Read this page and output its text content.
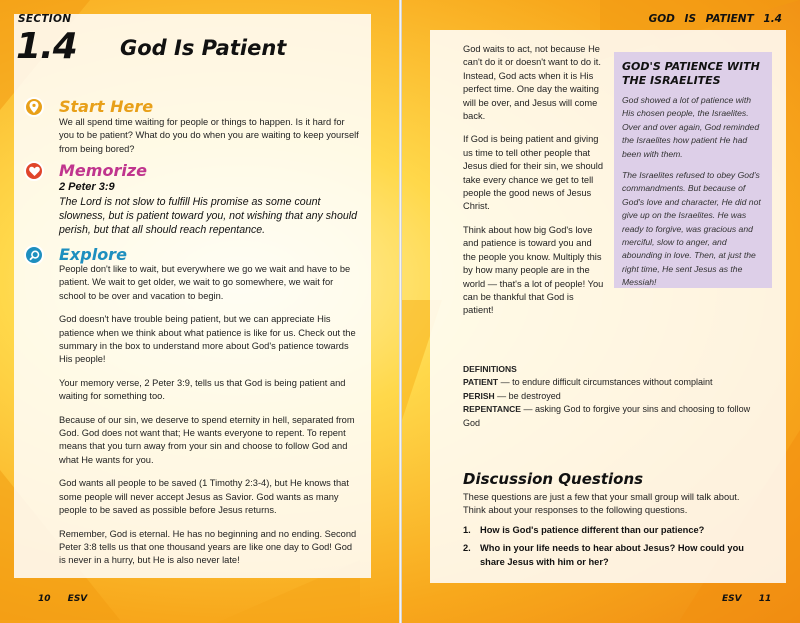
SECTION
1.4 God Is Patient
Start Here
We all spend time waiting for people or things to happen. Is it hard for you to be patient? What do you do when you are waiting to keep yourself from being bored?
Memorize
2 Peter 3:9
The Lord is not slow to fulfill His promise as some count slowness, but is patient toward you, not wishing that any should perish, but that all should reach repentance.
Explore

People don't like to wait, but everywhere we go we wait and have to be patient. We wait to get older, we wait to go somewhere, we wait for school to be over and vacation to begin.

God doesn't have trouble being patient, but we can appreciate His patience when we think about what patience is like for us. Check out the summary in the box to understand more about God's patience towards His people!

Your memory verse, 2 Peter 3:9, tells us that God is being patient and waiting for something too.

Because of our sin, we deserve to spend eternity in hell, separated from God. God does not want that; He wants everyone to repent. To repent means that you turn away from your sin and choose to follow God and what He wants for you.

God wants all people to be saved (1 Timothy 2:3-4), but He knows that some people will never accept Jesus as Savior. God wants as many people to be saved as possible before Jesus returns.

Remember, God is eternal. He has no beginning and no ending. Second Peter 3:8 tells us that one thousand years are like one day to God! God is never in a hurry, but He is also never late!

10 ESV
GOD IS PATIENT 1.4

God waits to act, not because He can't do it or doesn't want to do it. Instead, God acts when it is His perfect time. One day the waiting will be over, and Jesus will come back.

If God is being patient and giving us time to tell other people that Jesus died for their sin, we should take every chance we get to tell people the good news of Jesus Christ.

Think about how big God's love and patience is toward you and the people you know. Multiply this by how many people are in the world — that's a lot of people! You can be thankful that God is patient!

GOD'S PATIENCE WITH THE ISRAELITES

God showed a lot of patience with His chosen people, the Israelites. Over and over again, God reminded the Israelites how patient He had been with them.

The Israelites refused to obey God's commandments. But because of God's love and character, He did not give up on the Israelites. He was ready to forgive, was gracious and merciful, slow to anger, and abounding in love. Then, at just the right time, He sent Jesus as the Messiah!

DEFINITIONS
PATIENT — to endure difficult circumstances without complaint
PERISH — be destroyed
REPENTANCE — asking God to forgive your sins and choosing to follow God
Discussion Questions
These questions are just a few that your small group will talk about. Think about your responses to the following questions.
1. How is God's patience different than our patience?
2. Who in your life needs to hear about Jesus? How could you share Jesus with him or her?
ESV 11
